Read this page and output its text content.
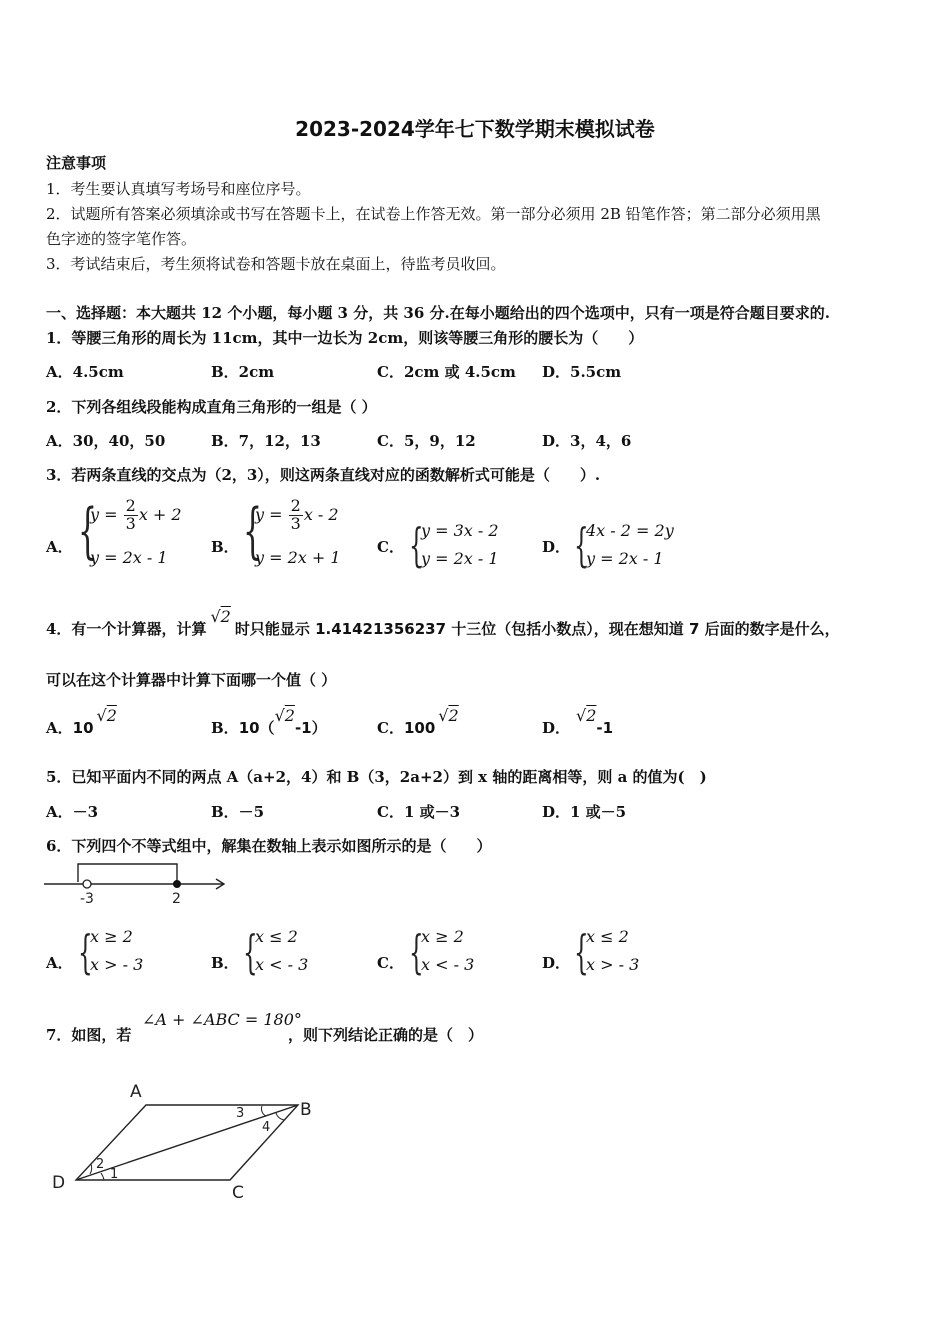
2023-2024学年七下数学期末模拟试卷
注意事项
1．考生要认真填写考场号和座位序号。
2．试题所有答案必须填涂或书写在答题卡上，在试卷上作答无效。第一部分必须用 2B 铅笔作答；第二部分必须用黑
色字迹的签字笔作答。
3．考试结束后，考生须将试卷和答题卡放在桌面上，待监考员收回。
一、选择题：本大题共 12 个小题，每小题 3 分，共 36 分.在每小题给出的四个选项中，只有一项是符合题目要求的.
1．等腰三角形的周长为 11cm，其中一边长为 2cm，则该等腰三角形的腰长为（　　）
A．4.5cm	B．2cm	C．2cm 或 4.5cm D．5.5cm
2．下列各组线段能构成直角三角形的一组是（ ）
A．30，40，50	B．7，12，13	C．5，9，12	D．3，4，6
3．若两条直线的交点为（2，3），则这两条直线对应的函数解析式可能是（　　）.
A． {
$y = \frac{2}{3}$ x + 2
y = 2x - 1
B． {
$y = \frac{2}{3}$ x - 2
y = 2x + 1
C． {
y = 3x - 2
y = 2x - 1
D． {
4x - 2 = 2y
y = 2x - 1
4．有一个计算器，计算√2时只能显示 1.41421356237 十三位（包括小数点），现在想知道 7 后面的数字是什么，
可以在这个计算器中计算下面哪一个值（ ）
A．10√2
B．10（√2-1）	C．100√2
D．√2-1
5．已知平面内不同的两点 A（a+2，4）和 B（3，2a+2）到 x 轴的距离相等，则 a 的值为(　)
A．－3	B．－5	C．1 或－3	D．1 或－5
6．下列四个不等式组中，解集在数轴上表示如图所示的是（　　）
-3	2
A． {
x ≥ 2
x > - 3	B． {
x ≤ 2
x < - 3	C． {
x ≥ 2
x < - 3	D． {
x ≤ 2
x > - 3
7．如图，若
∠A + ∠ABC = 180°
，则下列结论正确的是（　）
A
B
C
D
3
4
2
1
